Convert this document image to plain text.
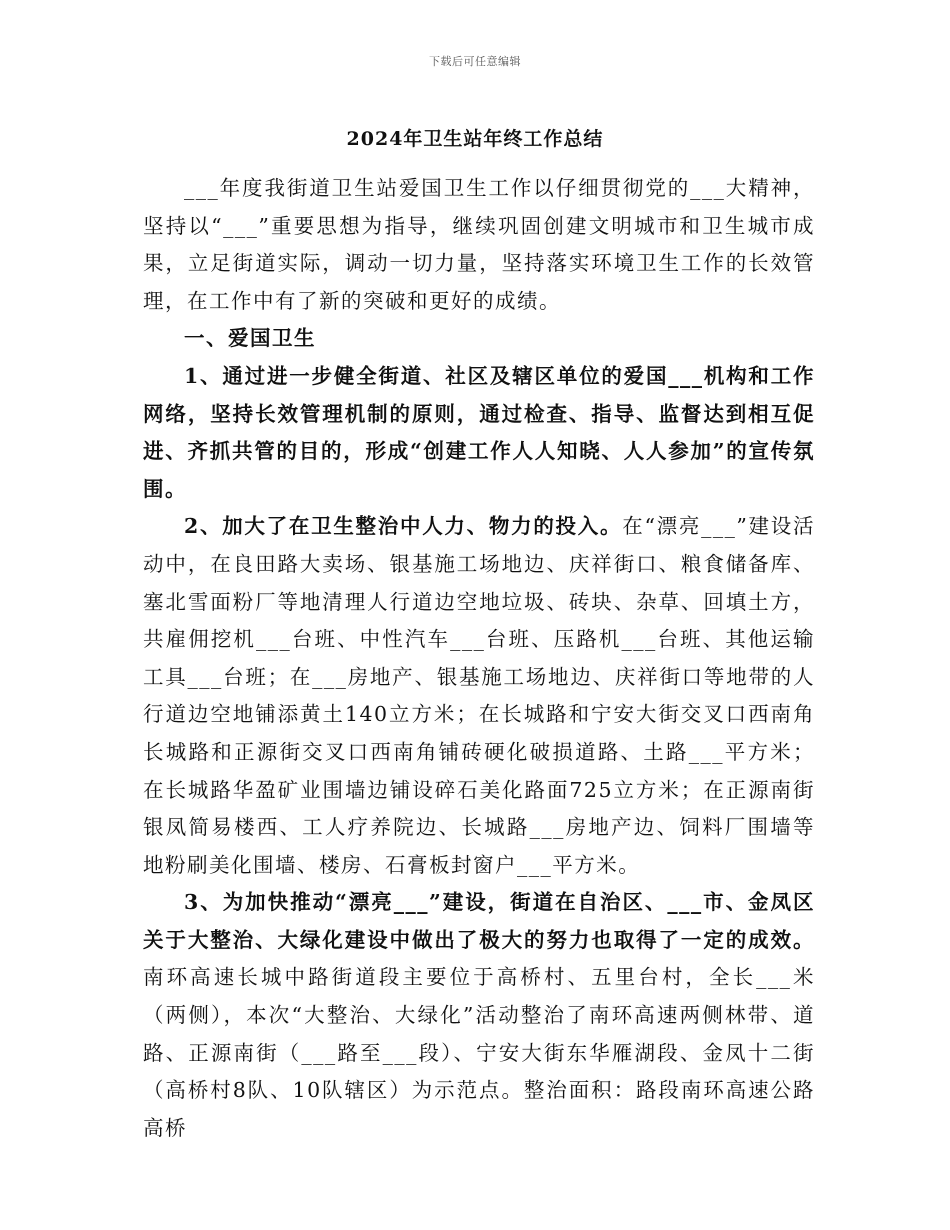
下载后可任意编辑
2024年卫生站年终工作总结

___年度我街道卫生站爱国卫生工作以仔细贯彻党的___大精神，坚持以“___”重要思想为指导，继续巩固创建文明城市和卫生城市成果，立足街道实际，调动一切力量，坚持落实环境卫生工作的长效管理，在工作中有了新的突破和更好的成绩。

一、爱国卫生

1、通过进一步健全街道、社区及辖区单位的爱国___机构和工作网络，坚持长效管理机制的原则，通过检查、指导、监督达到相互促进、齐抓共管的目的，形成“创建工作人人知晓、人人参加”的宣传氛围。

2、加大了在卫生整治中人力、物力的投入。在“漂亮___”建设活动中，在良田路大卖场、银基施工场地边、庆祥街口、粮食储备库、塞北雪面粉厂等地清理人行道边空地垃圾、砖块、杂草、回填土方，共雇佣挖机___台班、中性汽车___台班、压路机___台班、其他运输工具___台班；在___房地产、银基施工场地边、庆祥街口等地带的人行道边空地铺添黄土140立方米；在长城路和宁安大街交叉口西南角长城路和正源街交叉口西南角铺砖硬化破损道路、土路___平方米；在长城路华盈矿业围墙边铺设碎石美化路面725立方米；在正源南街银凤简易楼西、工人疗养院边、长城路___房地产边、饲料厂围墙等地粉刷美化围墙、楼房、石膏板封窗户___平方米。

3、为加快推动“漂亮___”建设，街道在自治区、___市、金凤区关于大整治、大绿化建设中做出了极大的努力也取得了一定的成效。南环高速长城中路街道段主要位于高桥村、五里台村，全长___米（两侧），本次“大整治、大绿化”活动整治了南环高速两侧林带、道路、正源南街（___路至___段）、宁安大街东华雁湖段、金凤十二街（高桥村8队、10队辖区）为示范点。整治面积：路段南环高速公路高桥
